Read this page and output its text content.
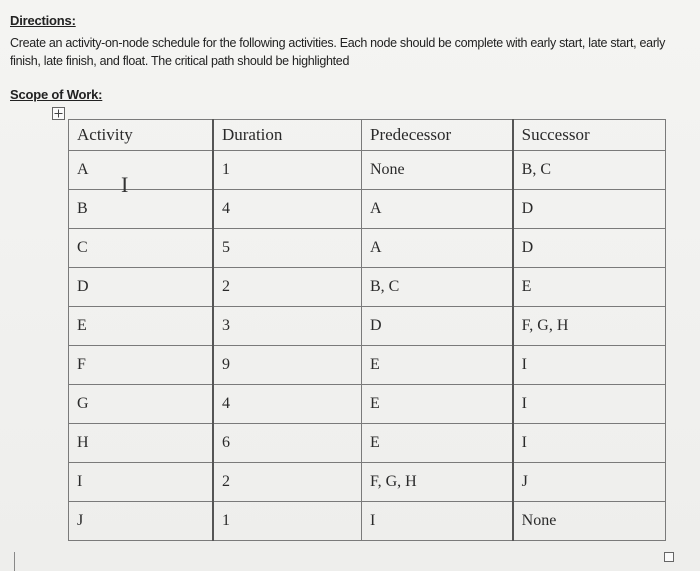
Directions:
Create an activity-on-node schedule for the following activities. Each node should be complete with early start, late start, early finish, late finish, and float. The critical path should be highlighted
Scope of Work:
Activity	Duration	Predecessor	Successor
A	1	None	B, C
B	4	A	D
C	5	A	D
D	2	B, C	E
E	3	D	F, G, H
F	9	E	I
G	4	E	I
H	6	E	I
I	2	F, G, H	J
J	1	I	None
I
